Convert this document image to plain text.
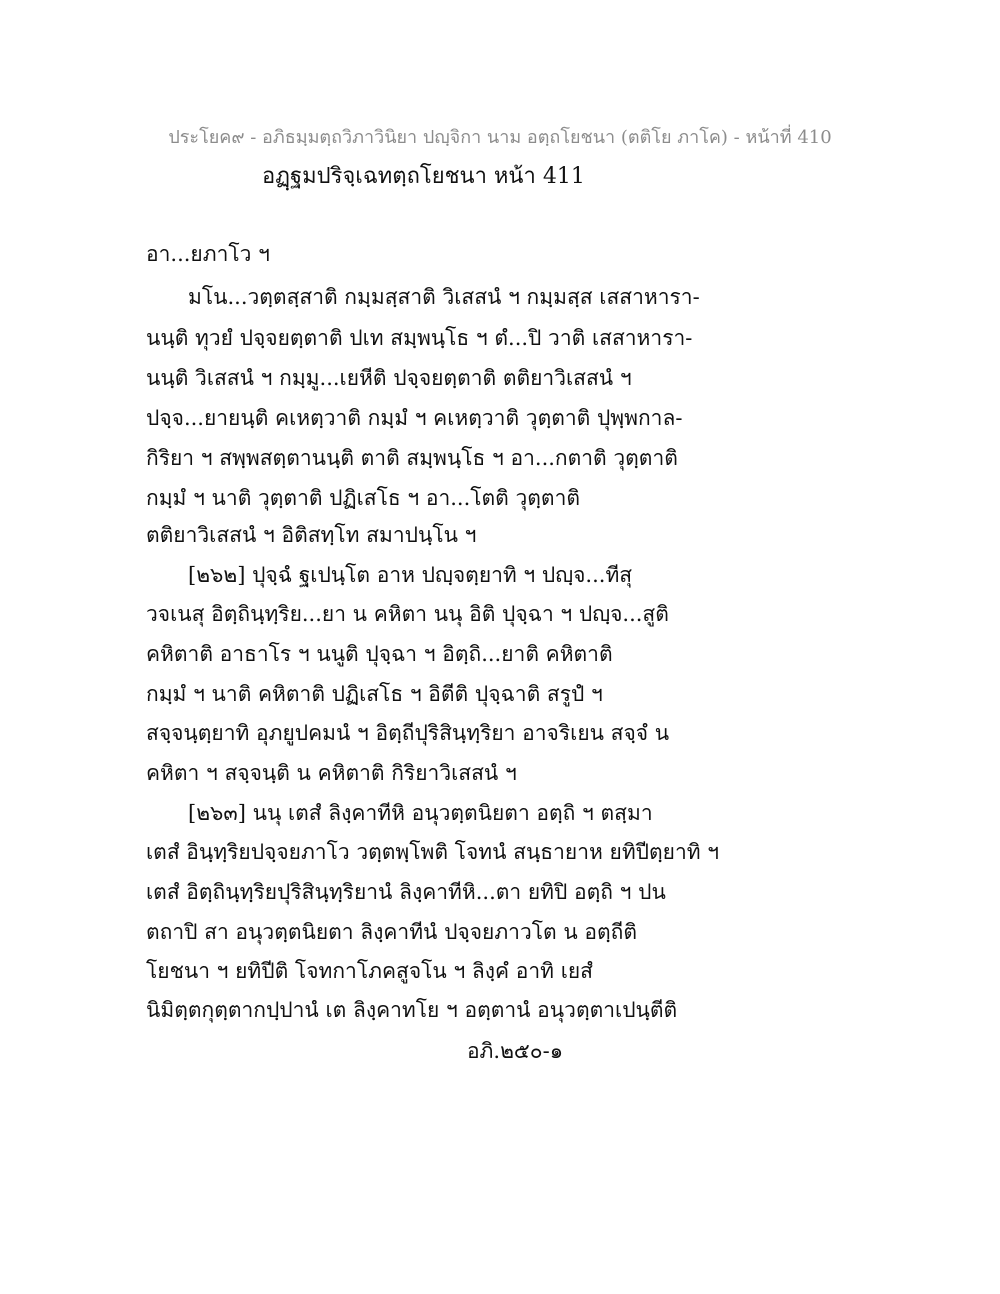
ประโยค๙ - อภิธมฺมตฺถวิภาวินิยา ปญฺจิกา นาม อตฺถโยชนา (ตติโย ภาโค) - หน้าที่ 410
อฏฺฐมปริจฺเฉทตฺถโยชนา หน้า 411
อา...ยภาโว ฯ
มโน...วตฺตสฺสาติ กมฺมสฺสาติ วิเสสนํ ฯ กมฺมสฺส เสสาหารา-
นนฺติ ทุวยํ ปจฺจยตฺตาติ ปเท สมฺพนฺโธ ฯ ตํ...ปิ วาติ เสสาหารา-
นนฺติ วิเสสนํ ฯ กมฺมู...เยหีติ ปจฺจยตฺตาติ ตติยาวิเสสนํ ฯ
ปจฺจ...ยายนฺติ คเหตฺวาติ กมฺมํ ฯ คเหตฺวาติ วุตฺตาติ ปุพฺพกาล-
กิริยา ฯ สพฺพสตฺตานนฺติ ตาติ สมฺพนฺโธ ฯ อา...กตาติ วุตฺตาติ
กมฺมํ ฯ นาติ วุตฺตาติ ปฏิเสโธ ฯ อา...โตติ วุตฺตาติ
ตติยาวิเสสนํ ฯ อิติสทฺโท สมาปนฺโน ฯ
[๒๖๒] ปุจฺฉํ ฐเปนฺโต อาห ปญฺจตฺยาทิ ฯ ปญฺจ...ทีสุ
วจเนสุ อิตฺถินฺทฺริย...ยา น คหิตา นนุ อิติ ปุจฺฉา ฯ ปญฺจ...สูติ
คหิตาติ อาธาโร ฯ นนูติ ปุจฺฉา ฯ อิตฺถิ...ยาติ คหิตาติ
กมฺมํ ฯ นาติ คหิตาติ ปฏิเสโธ ฯ อิตีติ ปุจฺฉาติ สรูปํ ฯ
สจฺจนฺตฺยาทิ อุภยูปคมนํ ฯ อิตฺถีปุริสินฺทฺริยา อาจริเยน สจฺจํ น
คหิตา ฯ สจฺจนฺติ น คหิตาติ กิริยาวิเสสนํ ฯ
[๒๖๓] นนุ เตสํ ลิงฺคาทีหิ อนุวตฺตนิยตา อตฺถิ ฯ ตสฺมา
เตสํ อินฺทฺริยปจฺจยภาโว วตฺตพฺโพติ โจทนํ สนฺธายาห ยทิปีตฺยาทิ ฯ
เตสํ อิตฺถินฺทฺริยปุริสินฺทฺริยานํ ลิงฺคาทีหิ...ตา ยทิปิ อตฺถิ ฯ ปน
ตถาปิ สา อนุวตฺตนิยตา ลิงฺคาทีนํ ปจฺจยภาวโต น อตฺถีติ
โยชนา ฯ ยทิปีติ โจทกาโภคสูจโน ฯ ลิงฺคํ อาทิ เยสํ
นิมิตฺตกุตฺตากปฺปานํ เต ลิงฺคาทโย ฯ อตฺตานํ อนุวตฺตาเปนฺตีติ
อภิ.๒๕๐-๑
